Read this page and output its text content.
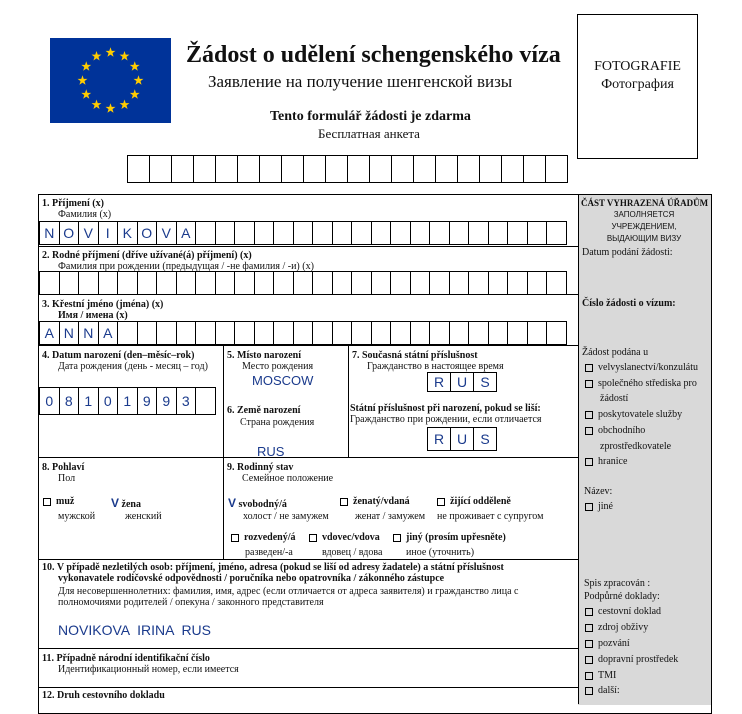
Žádost o udělení schengenského víza
Заявление на получение шенгенской визы
Tento formulář žádosti je zdarma
Бесплатная анкета
FOTOGRAFIE
Фотография
ČÁST VYHRAZENÁ ÚŘADŮM
ЗАПОЛНЯЕТСЯ
УЧРЕЖДЕНИЕМ,
ВЫДАЮЩИМ ВИЗУ
Datum podání žádosti:
Číslo žádosti o vízum:
Žádost podána u
velvyslanectví/konzulátu
společného střediska pro
žádostí
poskytovatele služby
obchodního
zprostředkovatele
hranice
Název:
jiné
Spis zpracován :
Podpůrné doklady:
cestovní doklad
zdroj obživy
pozvání
dopravní prostředek
TMI
další:
1. Příjmení (x)
Фамилия (x)
N O V I K O V A
2. Rodné příjmení (dříve užívané(á) příjmení) (x)
Фамилия при рождении (предыдущая / -не фамилия / -и) (x)
3. Křestní jméno (jména) (x)
Имя / имена (x)
A N N A
4. Datum narození (den–měsíc–rok)
Дата рождения (день - месяц – год)
0 8 1 0 1 9 9 3
5. Místo narození
Место рождения
MOSCOW
6. Země narození
Страна рождения
RUS
7. Současná státní příslušnost
Гражданство в настоящее время
R U S
Státní příslušnost při narození, pokud se liší:
Гражданство при рождении, если отличается
R U S
8. Pohlaví
Пол
muž
мужской
V žena
женский
9. Rodinný stav
Семейное положение
V svobodný/á
холост / не замужем
ženatý/vdaná
женат / замужем
žijící odděleně
не проживает с супругом
rozvedený/á
разведен/-а
vdovec/vdova
вдовец / вдова
jiný (prosím upřesněte)
иное (уточнить)
10. V případě nezletilých osob: příjmení, jméno, adresa (pokud se liší od adresy žadatele) a státní příslušnost
vykonavatele rodičovské odpovědnosti / poručníka nebo opatrovníka / zákonného zástupce
Для несовершеннолетних: фамилия, имя, адрес (если отличается от адреса заявителя) и гражданство лица с
полномочиями родителей / опекуна / законного представителя
NOVIKOVA  IRINA  RUS
11. Případně národní identifikační číslo
Идентификационный номер, если имеется
12. Druh cestovního dokladu
